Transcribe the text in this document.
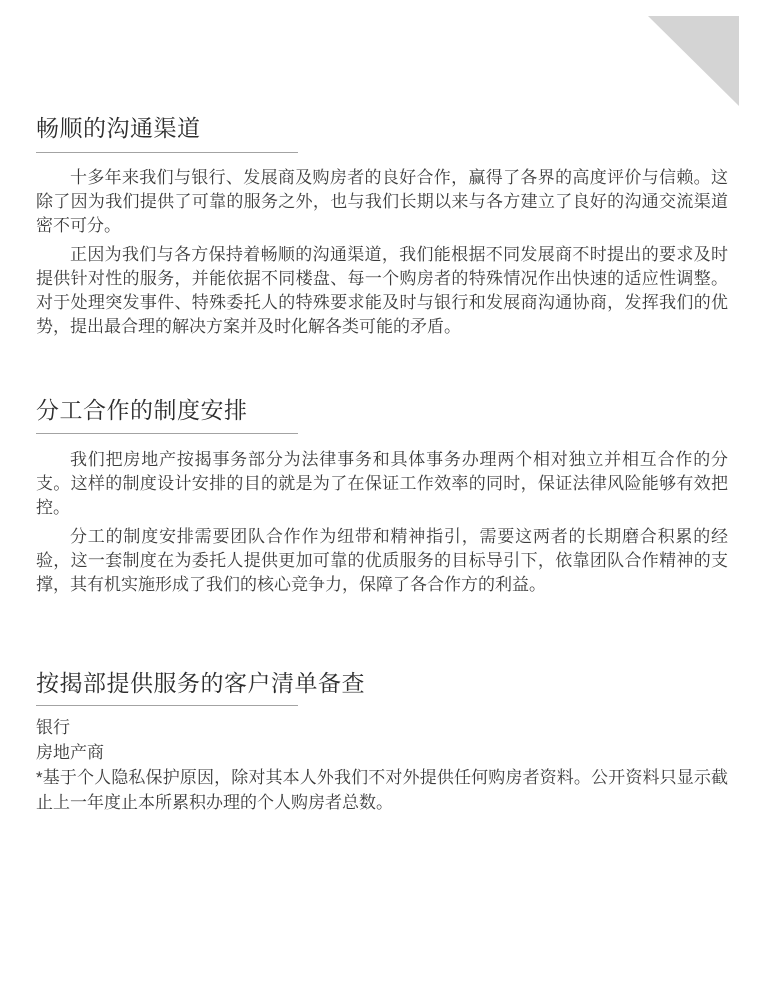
畅顺的沟通渠道

十多年来我们与银行、发展商及购房者的良好合作，赢得了各界的高度评价与信赖。这除了因为我们提供了可靠的服务之外，也与我们长期以来与各方建立了良好的沟通交流渠道密不可分。

正因为我们与各方保持着畅顺的沟通渠道，我们能根据不同发展商不时提出的要求及时提供针对性的服务，并能依据不同楼盘、每一个购房者的特殊情况作出快速的适应性调整。对于处理突发事件、特殊委托人的特殊要求能及时与银行和发展商沟通协商，发挥我们的优势，提出最合理的解决方案并及时化解各类可能的矛盾。

分工合作的制度安排

我们把房地产按揭事务部分为法律事务和具体事务办理两个相对独立并相互合作的分支。这样的制度设计安排的目的就是为了在保证工作效率的同时，保证法律风险能够有效把控。

分工的制度安排需要团队合作作为纽带和精神指引，需要这两者的长期磨合积累的经验，这一套制度在为委托人提供更加可靠的优质服务的目标导引下，依靠团队合作精神的支撑，其有机实施形成了我们的核心竞争力，保障了各合作方的利益。

按揭部提供服务的客户清单备查
银行
房地产商
*基于个人隐私保护原因，除对其本人外我们不对外提供任何购房者资料。公开资料只显示截止上一年度止本所累积办理的个人购房者总数。
